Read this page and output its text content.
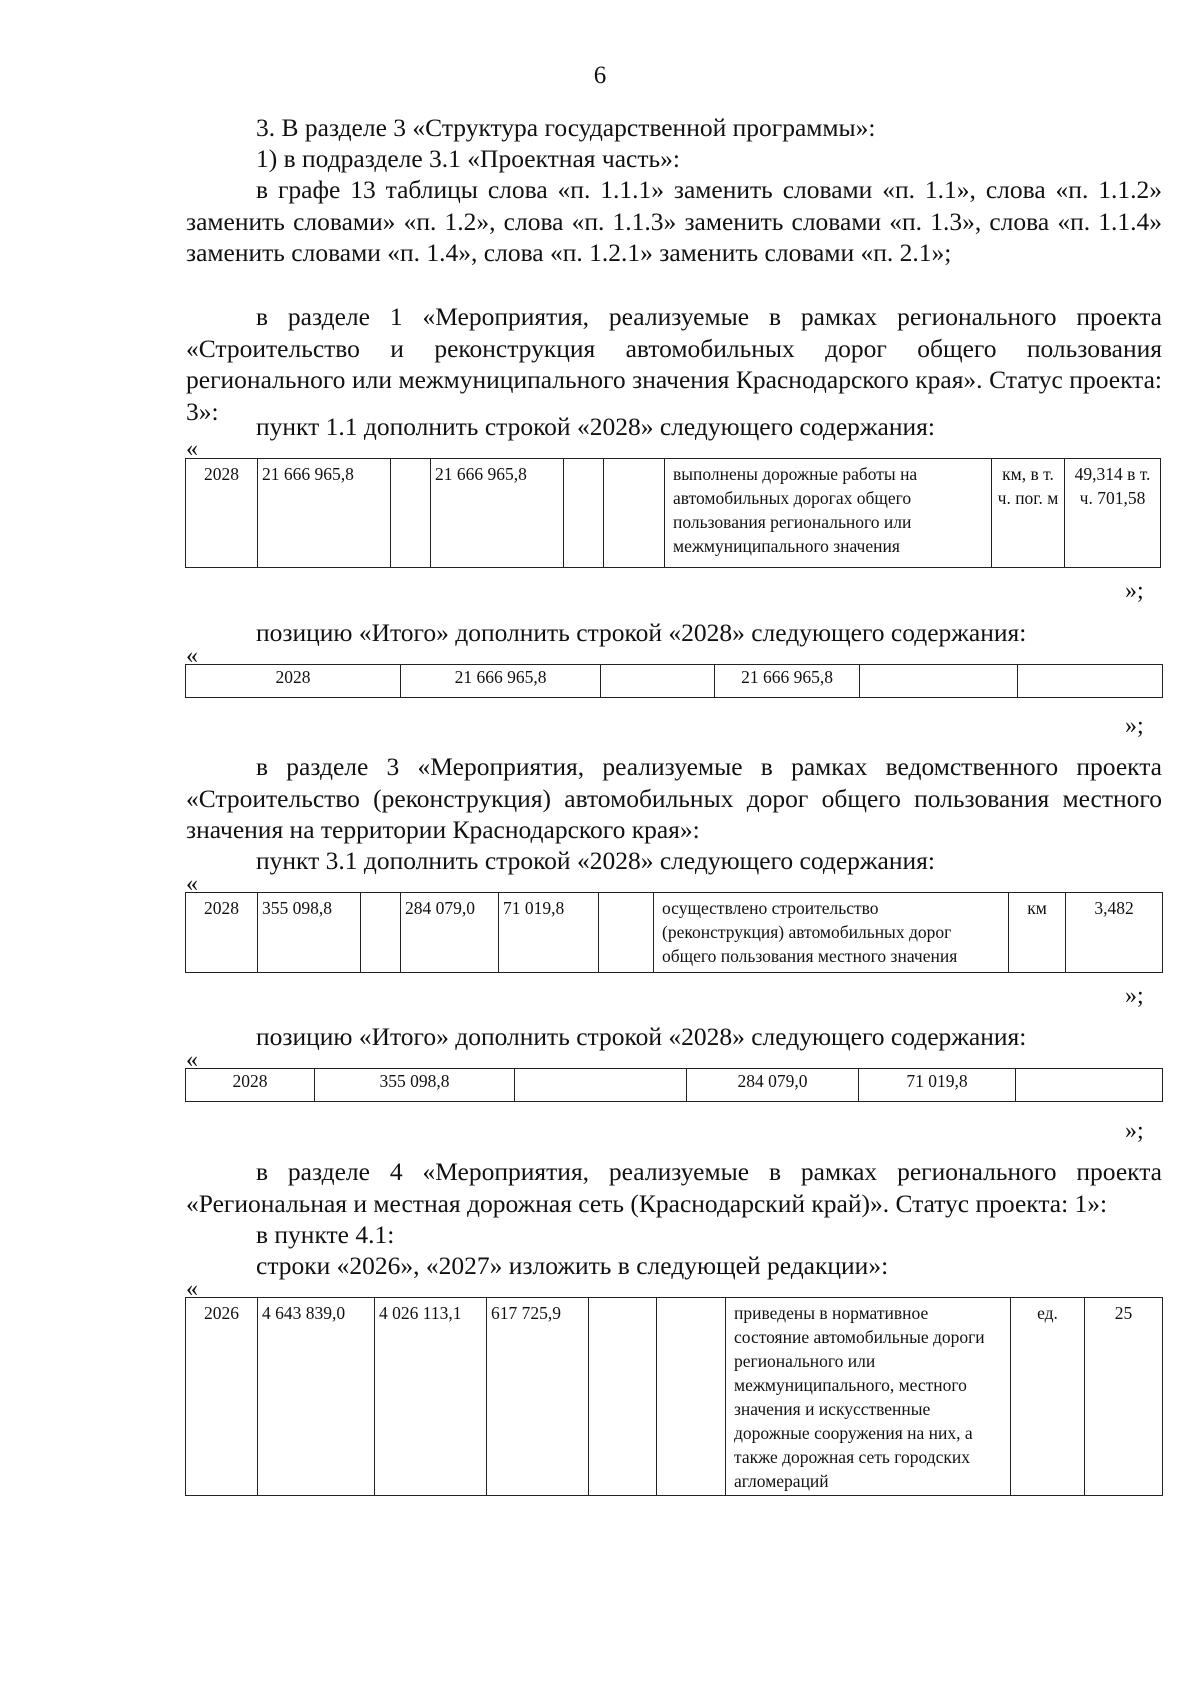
6
3. В разделе 3 «Структура государственной программы»:
1) в подразделе 3.1 «Проектная часть»:
в графе 13 таблицы слова «п. 1.1.1» заменить словами «п. 1.1», слова «п. 1.1.2» заменить словами» «п. 1.2», слова «п. 1.1.3» заменить словами «п. 1.3», слова «п. 1.1.4» заменить словами «п. 1.4», слова «п. 1.2.1» заменить словами «п. 2.1»;
в разделе 1 «Мероприятия, реализуемые в рамках регионального проекта «Строительство и реконструкция автомобильных дорог общего пользования регионального или межмуниципального значения Краснодарского края». Статус проекта: 3»:
пункт 1.1 дополнить строкой «2028» следующего содержания:
«
2028	21 666 965,8		21 666 965,8			выполнены дорожные работы на автомобильных дорогах общего пользования регионального или межмуниципального значения	км, в т. ч. пог. м	49,314 в т. ч. 701,58
»;
позицию «Итого» дополнить строкой «2028» следующего содержания:
«
2028	21 666 965,8		21 666 965,8		
»;
в разделе 3 «Мероприятия, реализуемые в рамках ведомственного проекта «Строительство (реконструкция) автомобильных дорог общего пользования местного значения на территории Краснодарского края»:
пункт 3.1 дополнить строкой «2028» следующего содержания:
«
2028	355 098,8		284 079,0	71 019,8		осуществлено строительство (реконструкция) автомобильных дорог общего пользования местного значения	км	3,482
»;
позицию «Итого» дополнить строкой «2028» следующего содержания:
«
2028	355 098,8		284 079,0	71 019,8	
»;
в разделе 4 «Мероприятия, реализуемые в рамках регионального проекта «Региональная и местная дорожная сеть (Краснодарский край)». Статус проекта: 1»:
в пункте 4.1:
строки «2026», «2027» изложить в следующей редакции»:
«
2026	4 643 839,0	4 026 113,1	617 725,9			приведены в нормативное состояние автомобильные дороги регионального или межмуниципального, местного значения и искусственные дорожные сооружения на них, а также дорожная сеть городских агломераций	ед.	25
